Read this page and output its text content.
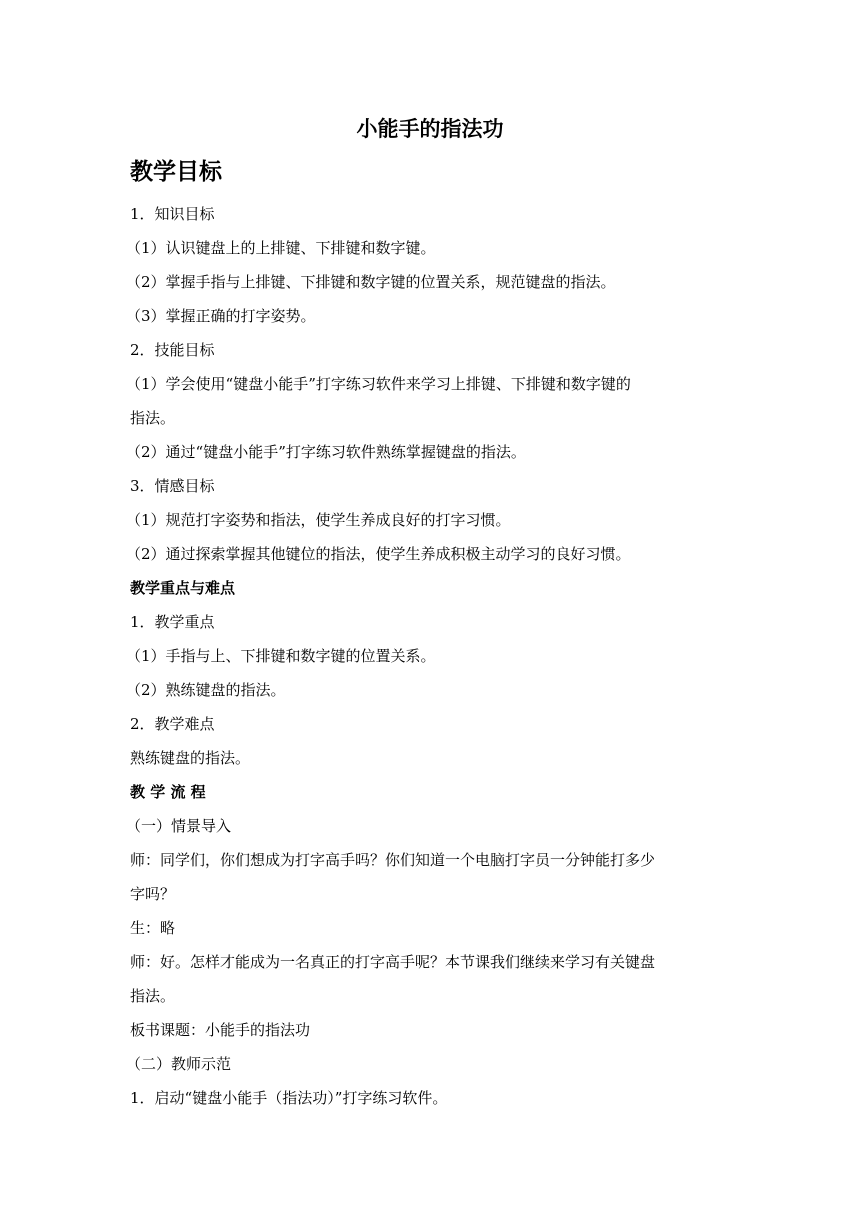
小能手的指法功
教学目标
1．知识目标
（1）认识键盘上的上排键、下排键和数字键。
（2）掌握手指与上排键、下排键和数字键的位置关系，规范键盘的指法。
（3）掌握正确的打字姿势。
2．技能目标
（1）学会使用“键盘小能手”打字练习软件来学习上排键、下排键和数字键的
指法。
（2）通过“键盘小能手”打字练习软件熟练掌握键盘的指法。
3．情感目标
（1）规范打字姿势和指法，使学生养成良好的打字习惯。
（2）通过探索掌握其他键位的指法，使学生养成积极主动学习的良好习惯。
教学重点与难点
1．教学重点
（1）手指与上、下排键和数字键的位置关系。
（2）熟练键盘的指法。
2．教学难点
熟练键盘的指法。
教 学 流 程
（一）情景导入
师：同学们，你们想成为打字高手吗？你们知道一个电脑打字员一分钟能打多少
字吗？
生：略
师：好。怎样才能成为一名真正的打字高手呢？本节课我们继续来学习有关键盘
指法。
板书课题：小能手的指法功
（二）教师示范
1．启动“键盘小能手（指法功）”打字练习软件。
